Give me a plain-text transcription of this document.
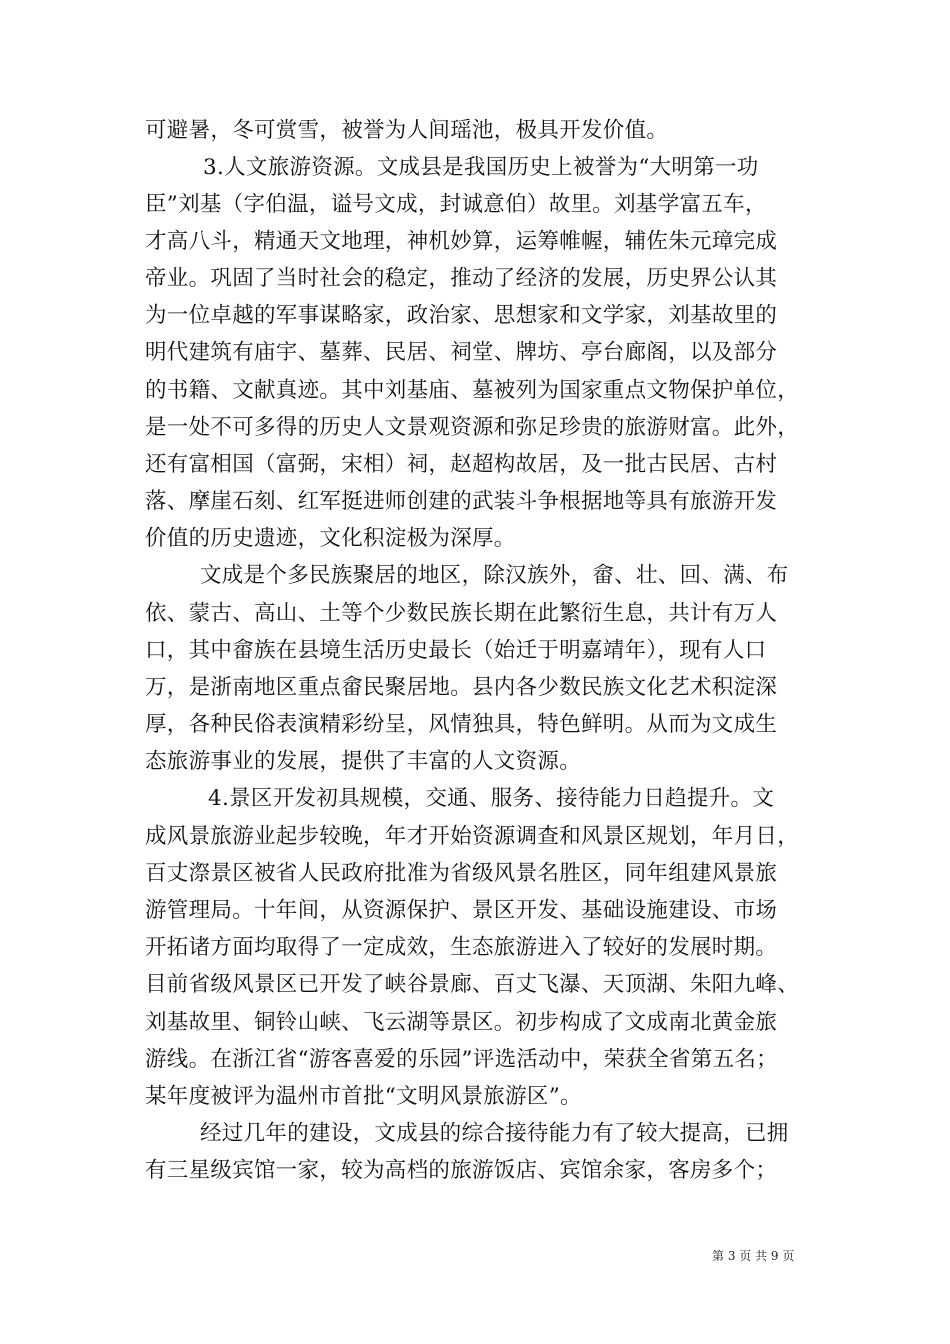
可避暑，冬可赏雪，被誉为人间瑶池，极具开发价值。
3.人文旅游资源。文成县是我国历史上被誉为“大明第一功
臣”刘基（字伯温，谥号文成，封诚意伯）故里。刘基学富五车，
才高八斗，精通天文地理，神机妙算，运筹帷幄，辅佐朱元璋完成
帝业。巩固了当时社会的稳定，推动了经济的发展，历史界公认其
为一位卓越的军事谋略家，政治家、思想家和文学家，刘基故里的
明代建筑有庙宇、墓葬、民居、祠堂、牌坊、亭台廊阁，以及部分
的书籍、文献真迹。其中刘基庙、墓被列为国家重点文物保护单位，
是一处不可多得的历史人文景观资源和弥足珍贵的旅游财富。此外，
还有富相国（富弼，宋相）祠，赵超构故居，及一批古民居、古村
落、摩崖石刻、红军挺进师创建的武装斗争根据地等具有旅游开发
价值的历史遗迹，文化积淀极为深厚。
文成是个多民族聚居的地区，除汉族外，畲、壮、回、满、布
依、蒙古、高山、土等个少数民族长期在此繁衍生息，共计有万人
口，其中畲族在县境生活历史最长（始迁于明嘉靖年），现有人口
万，是浙南地区重点畲民聚居地。县内各少数民族文化艺术积淀深
厚，各种民俗表演精彩纷呈，风情独具，特色鲜明。从而为文成生
态旅游事业的发展，提供了丰富的人文资源。
4.景区开发初具规模，交通、服务、接待能力日趋提升。文
成风景旅游业起步较晚，年才开始资源调查和风景区规划，年月日，
百丈漈景区被省人民政府批准为省级风景名胜区，同年组建风景旅
游管理局。十年间，从资源保护、景区开发、基础设施建设、市场
开拓诸方面均取得了一定成效，生态旅游进入了较好的发展时期。
目前省级风景区已开发了峡谷景廊、百丈飞瀑、天顶湖、朱阳九峰、
刘基故里、铜铃山峡、飞云湖等景区。初步构成了文成南北黄金旅
游线。在浙江省“游客喜爱的乐园”评选活动中，荣获全省第五名；
某年度被评为温州市首批“文明风景旅游区”。
经过几年的建设，文成县的综合接待能力有了较大提高，已拥
有三星级宾馆一家，较为高档的旅游饭店、宾馆余家，客房多个；
第 3 页 共 9 页
